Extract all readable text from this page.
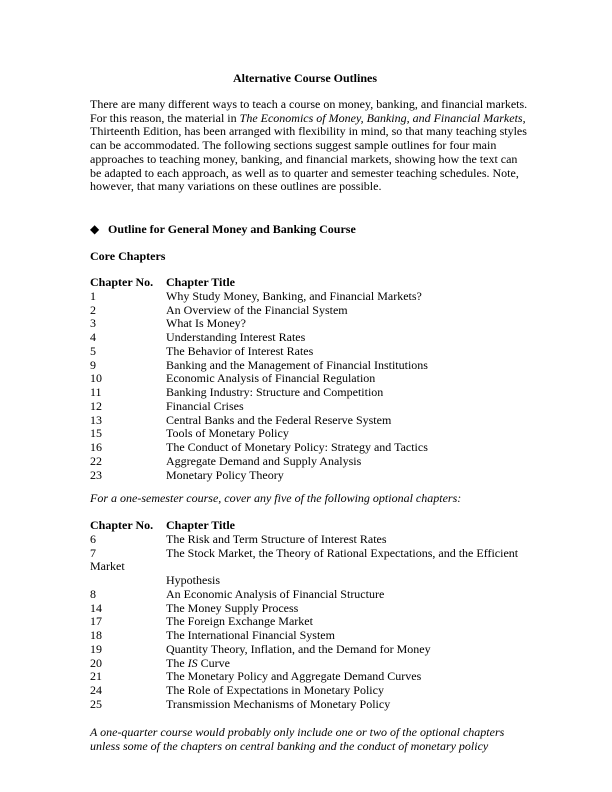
Alternative Course Outlines
There are many different ways to teach a course on money, banking, and financial markets. For this reason, the material in The Economics of Money, Banking, and Financial Markets, Thirteenth Edition, has been arranged with flexibility in mind, so that many teaching styles can be accommodated. The following sections suggest sample outlines for four main approaches to teaching money, banking, and financial markets, showing how the text can be adapted to each approach, as well as to quarter and semester teaching schedules. Note, however, that many variations on these outlines are possible.
◆ Outline for General Money and Banking Course
Core Chapters
Chapter No. Chapter Title
1	Why Study Money, Banking, and Financial Markets?
2	An Overview of the Financial System
3	What Is Money?
4	Understanding Interest Rates
5	The Behavior of Interest Rates
9	Banking and the Management of Financial Institutions
10	Economic Analysis of Financial Regulation
11	Banking Industry: Structure and Competition
12	Financial Crises
13	Central Banks and the Federal Reserve System
15	Tools of Monetary Policy
16	The Conduct of Monetary Policy: Strategy and Tactics
22	Aggregate Demand and Supply Analysis
23	Monetary Policy Theory
For a one-semester course, cover any five of the following optional chapters:
Chapter No. Chapter Title
6	The Risk and Term Structure of Interest Rates
7	The Stock Market, the Theory of Rational Expectations, and the Efficient
Market
Hypothesis
8	An Economic Analysis of Financial Structure
14	The Money Supply Process
17	The Foreign Exchange Market
18	The International Financial System
19	Quantity Theory, Inflation, and the Demand for Money
20	The IS Curve
21	The Monetary Policy and Aggregate Demand Curves
24	The Role of Expectations in Monetary Policy
25	Transmission Mechanisms of Monetary Policy
A one-quarter course would probably only include one or two of the optional chapters unless some of the chapters on central banking and the conduct of monetary policy
